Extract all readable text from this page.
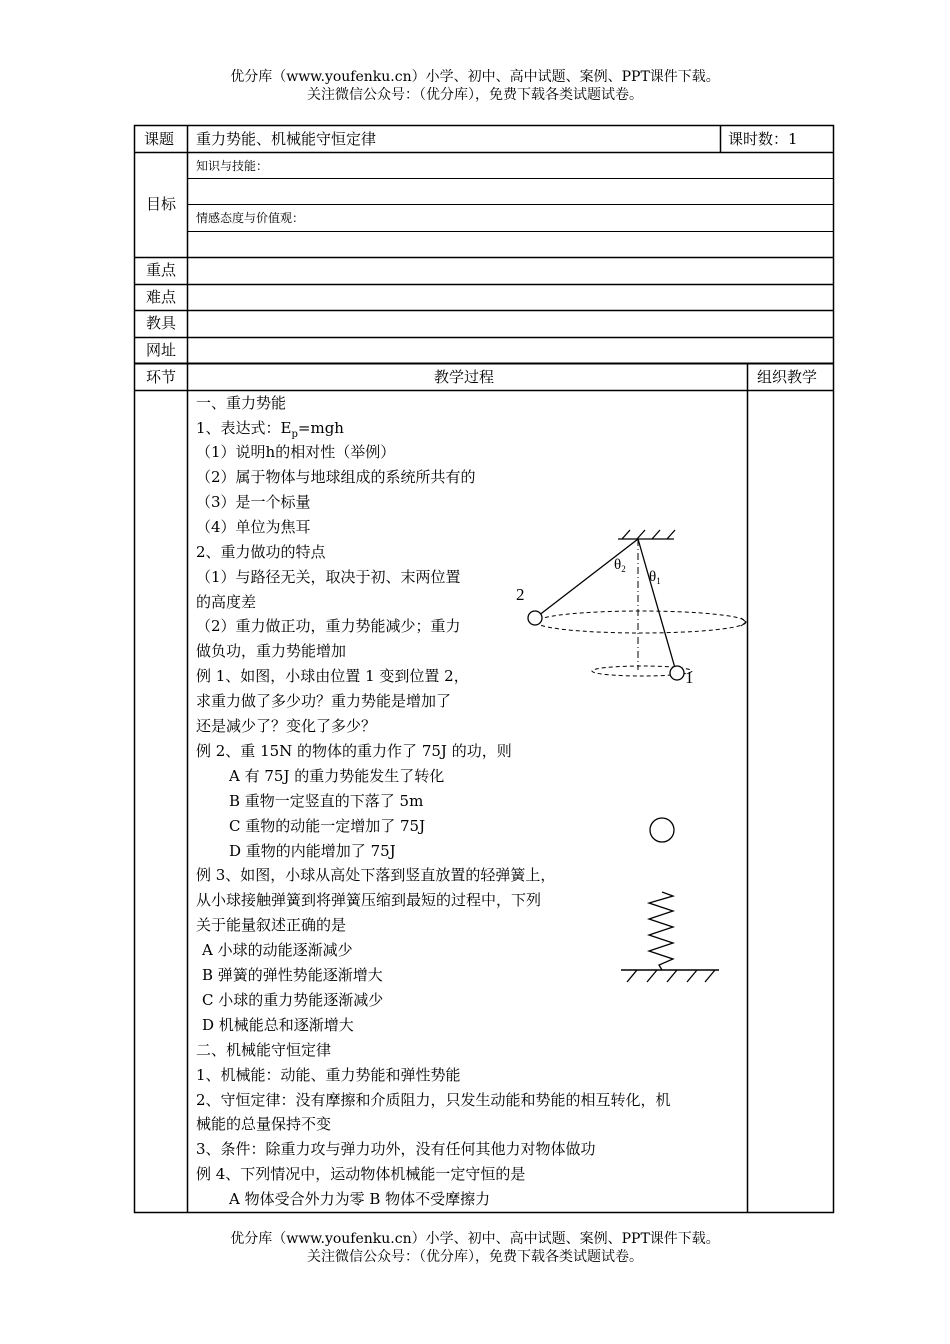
优分库（www.youfenku.cn）小学、初中、高中试题、案例、PPT课件下载。
关注微信公众号：（优分库），免费下载各类试题试卷。
课题 重力势能、机械能守恒定律	课时数：1
目标
知识与技能：
情感态度与价值观：
重点
难点
教具
网址
环节	教学过程	组织教学
一、重力势能
1、表达式：$E_p=mgh$
（1）说明h的相对性（举例）
（2）属于物体与地球组成的系统所共有的
（3）是一个标量
（4）单位为焦耳
2、重力做功的特点
（1）与路径无关，取决于初、末两位置
的高度差
（2）重力做正功，重力势能减少；重力
做负功，重力势能增加
例 1、如图，小球由位置 1 变到位置 2，
求重力做了多少功？重力势能是增加了
还是减少了？变化了多少？
例 2、重 15N 的物体的重力作了 75J 的功，则
A 有 75J 的重力势能发生了转化
B 重物一定竖直的下落了 5m
C 重物的动能一定增加了 75J
D 重物的内能增加了 75J
例 3、如图，小球从高处下落到竖直放置的轻弹簧上，
从小球接触弹簧到将弹簧压缩到最短的过程中，下列
关于能量叙述正确的是
A 小球的动能逐渐减少
B 弹簧的弹性势能逐渐增大
C 小球的重力势能逐渐减少
D 机械能总和逐渐增大
二、机械能守恒定律
1、机械能：动能、重力势能和弹性势能
2、守恒定律：没有摩擦和介质阻力，只发生动能和势能的相互转化，机
械能的总量保持不变
3、条件：除重力攻与弹力功外，没有任何其他力对物体做功
例 4、下列情况中，运动物体机械能一定守恒的是
A 物体受合外力为零 B 物体不受摩擦力
$\theta_2$ $\theta_1$
2
1
优分库（www.youfenku.cn）小学、初中、高中试题、案例、PPT课件下载。
关注微信公众号：（优分库），免费下载各类试题试卷。
